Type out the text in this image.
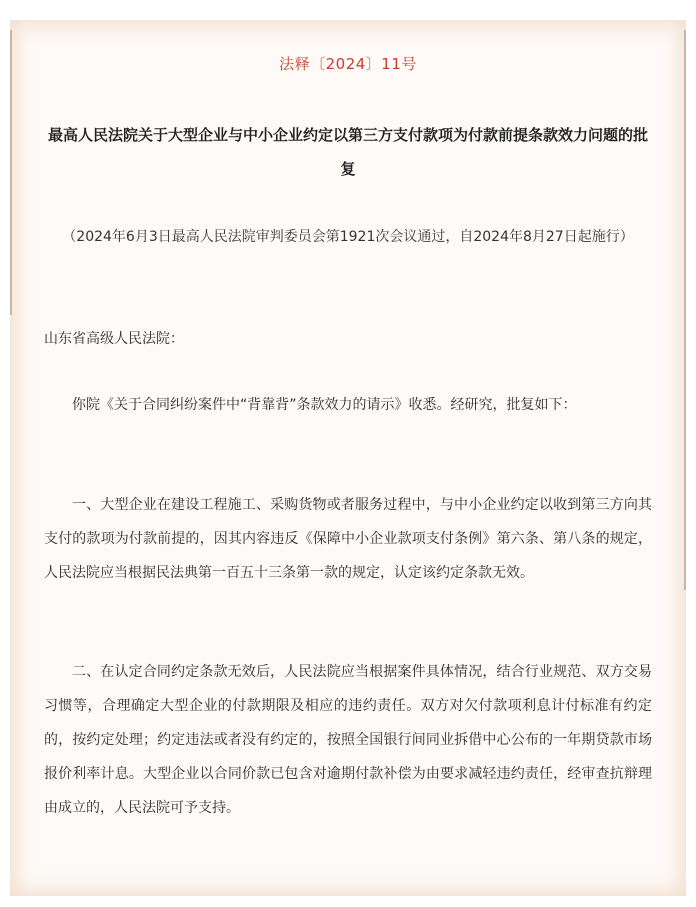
法释〔2024〕11号
最高人民法院关于大型企业与中小企业约定以第三方支付款项为付款前提条款效力问题的批复
（2024年6月3日最高人民法院审判委员会第1921次会议通过，自2024年8月27日起施行）
山东省高级人民法院：

你院《关于合同纠纷案件中“背靠背”条款效力的请示》收悉。经研究，批复如下：

一、大型企业在建设工程施工、采购货物或者服务过程中，与中小企业约定以收到第三方向其支付的款项为付款前提的，因其内容违反《保障中小企业款项支付条例》第六条、第八条的规定，人民法院应当根据民法典第一百五十三条第一款的规定，认定该约定条款无效。

二、在认定合同约定条款无效后，人民法院应当根据案件具体情况，结合行业规范、双方交易习惯等，合理确定大型企业的付款期限及相应的违约责任。双方对欠付款项利息计付标准有约定的，按约定处理；约定违法或者没有约定的，按照全国银行间同业拆借中心公布的一年期贷款市场报价利率计息。大型企业以合同价款已包含对逾期付款补偿为由要求减轻违约责任，经审查抗辩理由成立的，人民法院可予支持。
